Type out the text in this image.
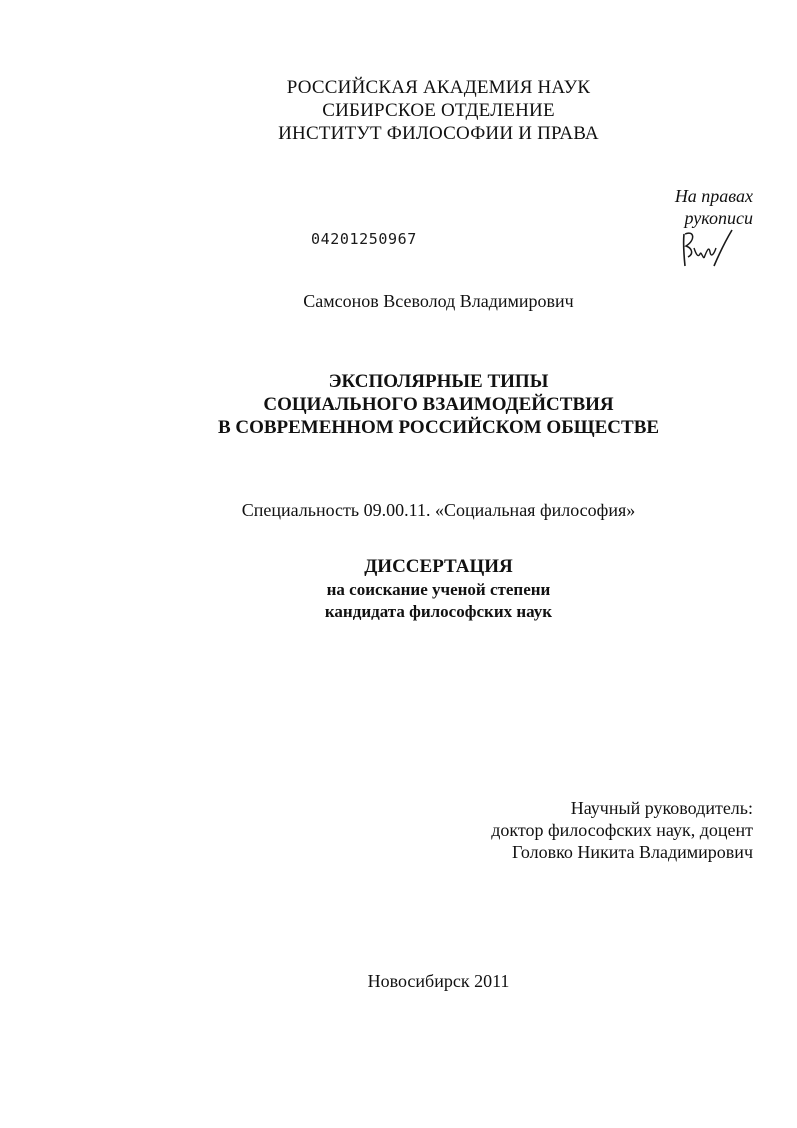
РОССИЙСКАЯ АКАДЕМИЯ НАУК
СИБИРСКОЕ ОТДЕЛЕНИЕ
ИНСТИТУТ ФИЛОСОФИИ И ПРАВА
На правах
рукописи
04201250967
Самсонов Всеволод Владимирович
ЭКСПОЛЯРНЫЕ ТИПЫ
СОЦИАЛЬНОГО ВЗАИМОДЕЙСТВИЯ
В СОВРЕМЕННОМ РОССИЙСКОМ ОБЩЕСТВЕ
Специальность 09.00.11. «Социальная философия»
ДИССЕРТАЦИЯ
на соискание ученой степени
кандидата философских наук
Научный руководитель:
доктор философских наук, доцент
Головко Никита Владимирович
Новосибирск 2011
